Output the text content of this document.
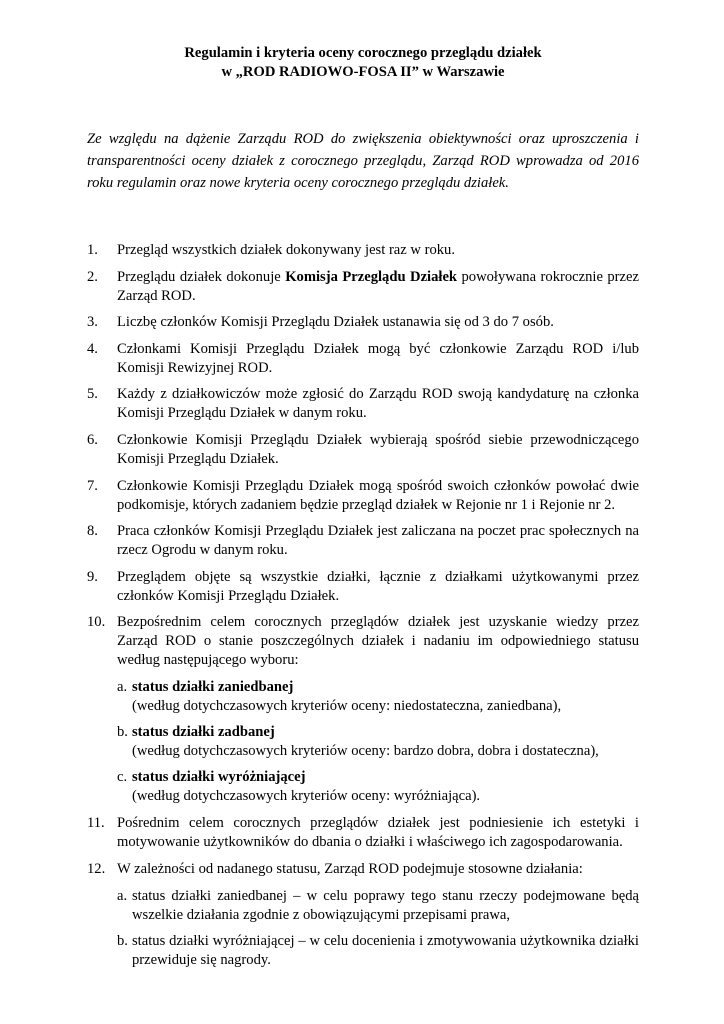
Regulamin i kryteria oceny corocznego przeglądu działek
w „ROD RADIOWO-FOSA II” w Warszawie

Ze względu na dążenie Zarządu ROD do zwiększenia obiektywności oraz uproszczenia i transparentności oceny działek z corocznego przeglądu, Zarząd ROD wprowadza od 2016 roku regulamin oraz nowe kryteria oceny corocznego przeglądu działek.

1. Przegląd wszystkich działek dokonywany jest raz w roku.
2. Przeglądu działek dokonuje Komisja Przeglądu Działek powoływana rokrocznie przez Zarząd ROD.
3. Liczbę członków Komisji Przeglądu Działek ustanawia się od 3 do 7 osób.
4. Członkami Komisji Przeglądu Działek mogą być członkowie Zarządu ROD i/lub Komisji Rewizyjnej ROD.
5. Każdy z działkowiczów może zgłosić do Zarządu ROD swoją kandydaturę na członka Komisji Przeglądu Działek w danym roku.
6. Członkowie Komisji Przeglądu Działek wybierają spośród siebie przewodniczącego Komisji Przeglądu Działek.
7. Członkowie Komisji Przeglądu Działek mogą spośród swoich członków powołać dwie podkomisje, których zadaniem będzie przegląd działek w Rejonie nr 1 i Rejonie nr 2.
8. Praca członków Komisji Przeglądu Działek jest zaliczana na poczet prac społecznych na rzecz Ogrodu w danym roku.
9. Przeglądem objęte są wszystkie działki, łącznie z działkami użytkowanymi przez członków Komisji Przeglądu Działek.
10. Bezpośrednim celem corocznych przeglądów działek jest uzyskanie wiedzy przez Zarząd ROD o stanie poszczególnych działek i nadaniu im odpowiedniego statusu według następującego wyboru:
a. status działki zaniedbanej
(według dotychczasowych kryteriów oceny: niedostateczna, zaniedbana),
b. status działki zadbanej
(według dotychczasowych kryteriów oceny: bardzo dobra, dobra i dostateczna),
c. status działki wyróżniającej
(według dotychczasowych kryteriów oceny: wyróżniająca).
11. Pośrednim celem corocznych przeglądów działek jest podniesienie ich estetyki i motywowanie użytkowników do dbania o działki i właściwego ich zagospodarowania.
12. W zależności od nadanego statusu, Zarząd ROD podejmuje stosowne działania:
a. status działki zaniedbanej – w celu poprawy tego stanu rzeczy podejmowane będą wszelkie działania zgodnie z obowiązującymi przepisami prawa,
b. status działki wyróżniającej – w celu docenienia i zmotywowania użytkownika działki przewiduje się nagrody.
